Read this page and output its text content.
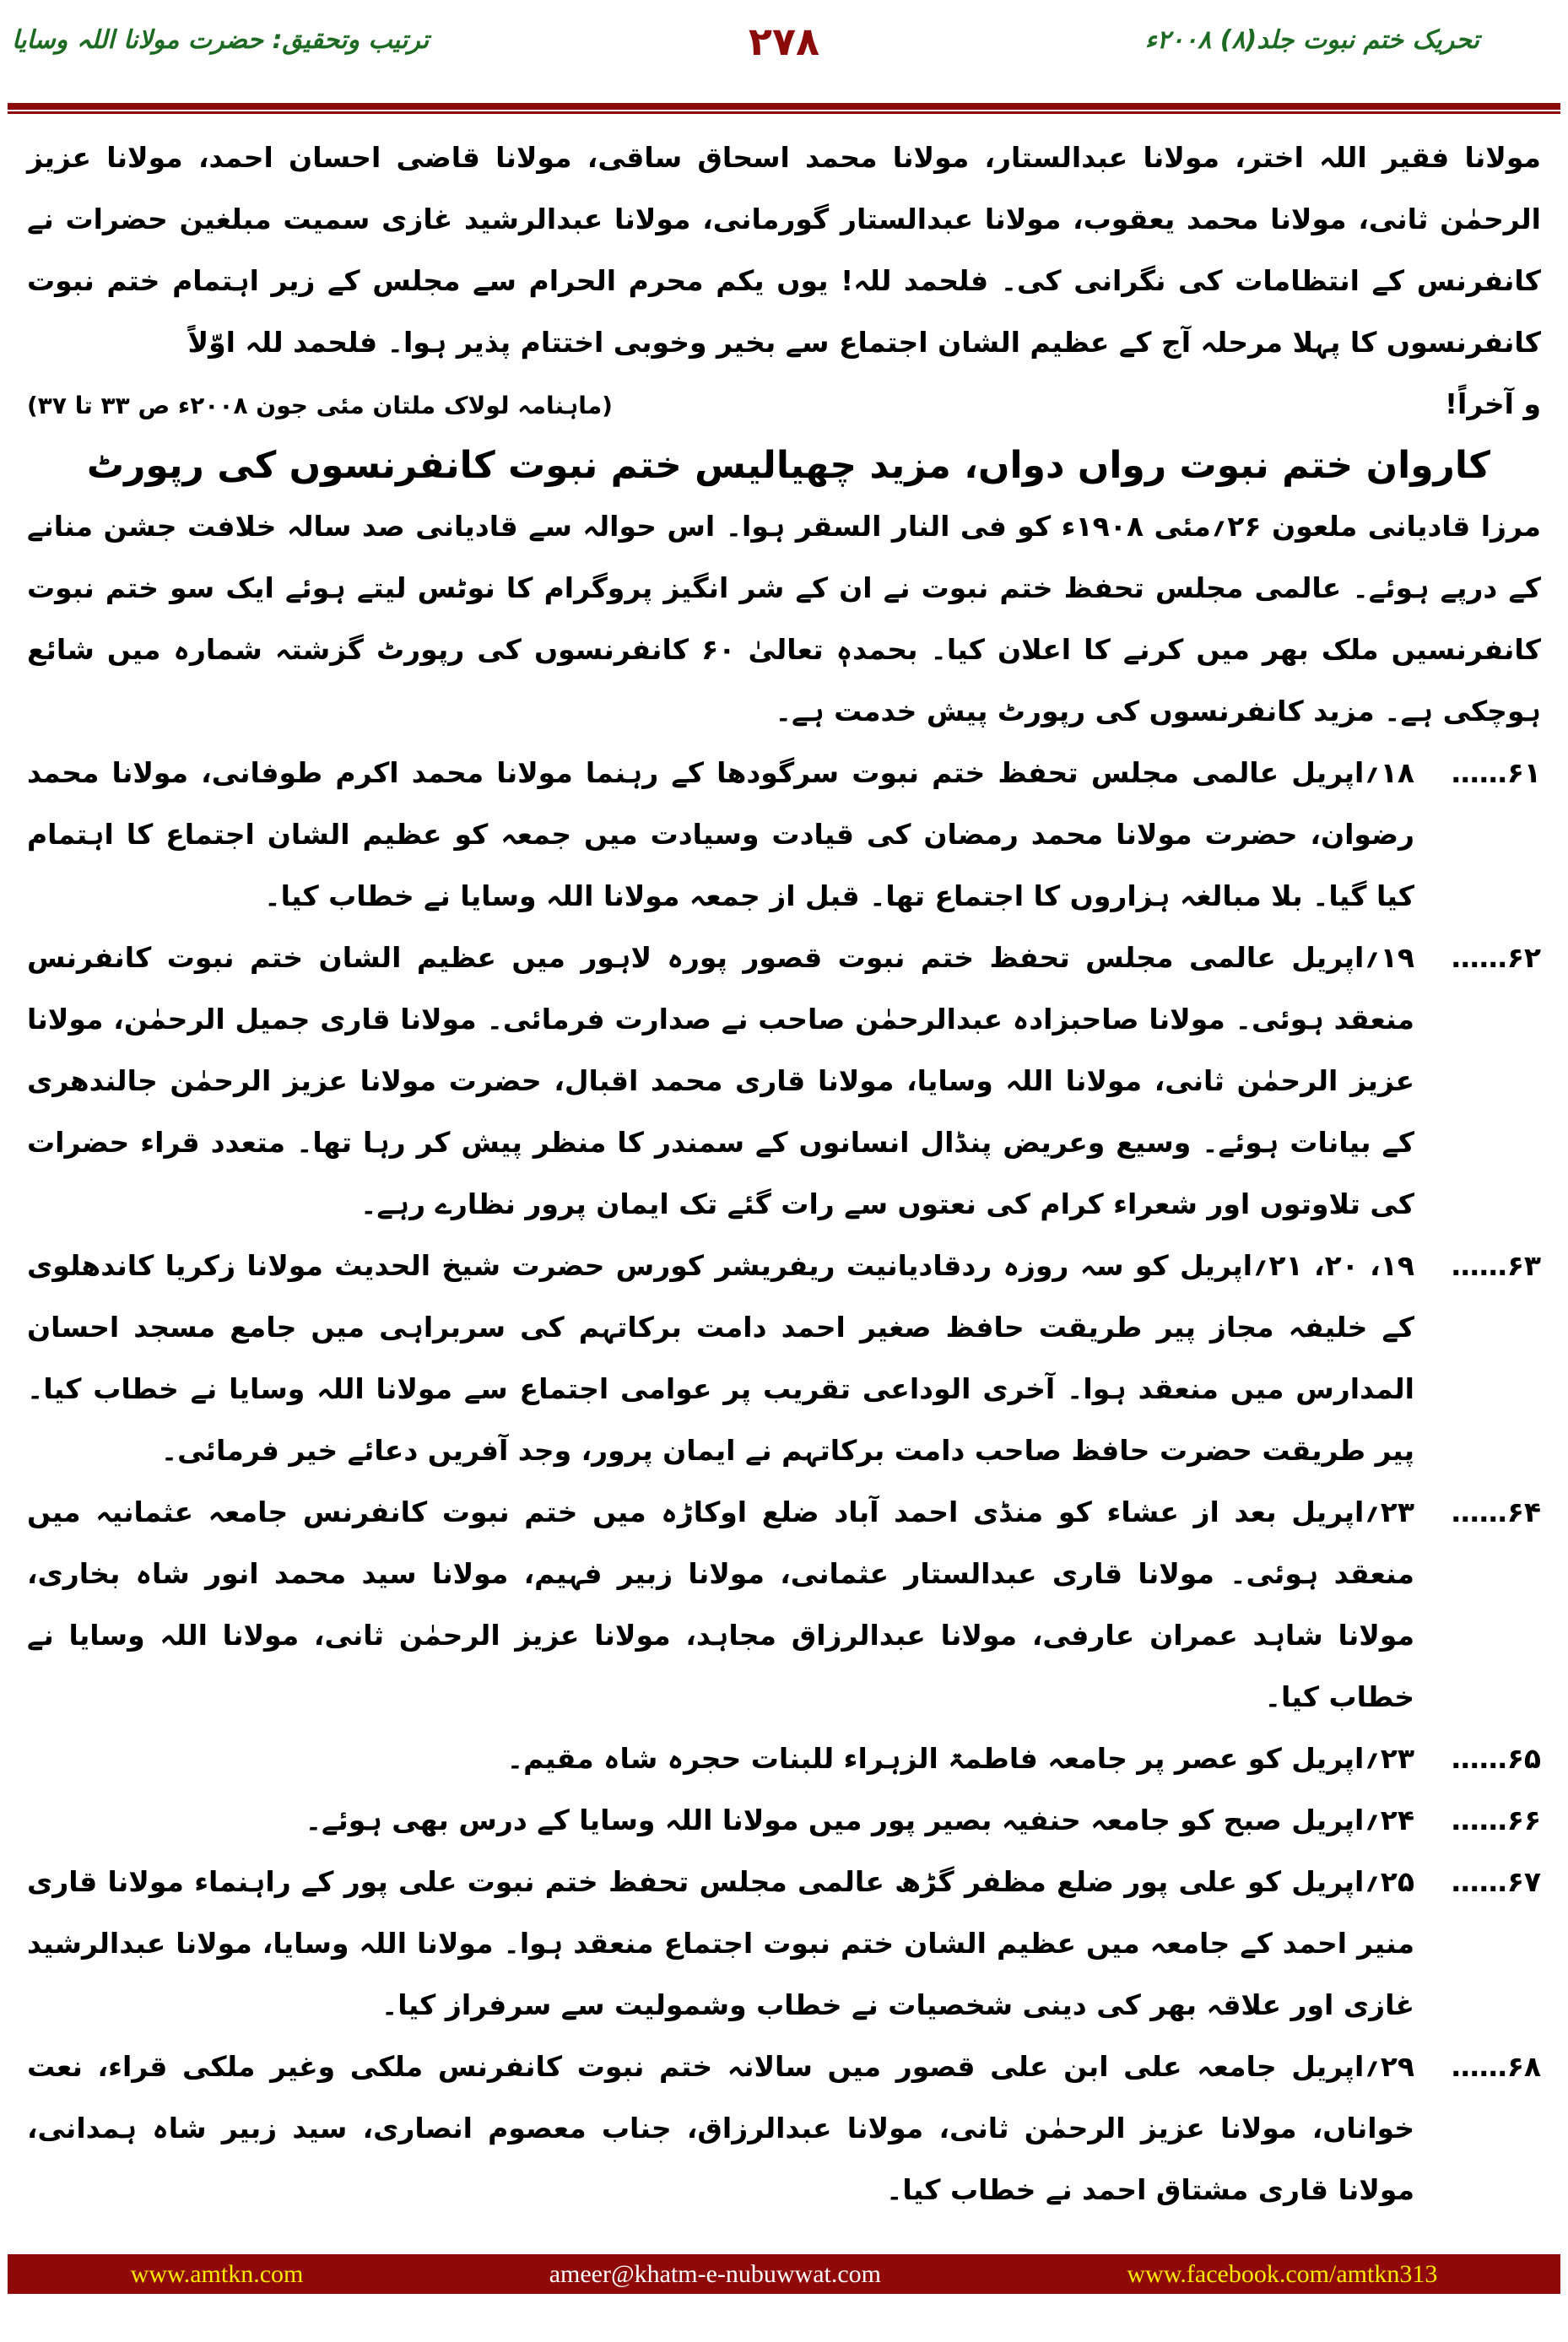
تحریک ختم نبوت جلد(۸) ۲۰۰۸ء
۲۷۸
ترتیب وتحقیق: حضرت مولانا اللہ وسایا

مولانا فقیر اللہ اختر، مولانا عبدالستار، مولانا محمد اسحاق ساقی، مولانا قاضی احسان احمد، مولانا عزیز الرحمٰن ثانی، مولانا محمد یعقوب، مولانا عبدالستار گورمانی، مولانا عبدالرشید غازی سمیت مبلغین حضرات نے کانفرنس کے انتظامات کی نگرانی کی۔ فلحمد للہ! یوں یکم محرم الحرام سے مجلس کے زیر اہتمام ختم نبوت کانفرنسوں کا پہلا مرحلہ آج کے عظیم الشان اجتماع سے بخیر وخوبی اختتام پذیر ہوا۔ فلحمد للہ اوّلاً

و آخراً!
(ماہنامہ لولاک ملتان مئی جون ۲۰۰۸ء ص ۳۳ تا ۳۷)
کاروان ختم نبوت رواں دواں، مزید چھیالیس ختم نبوت کانفرنسوں کی رپورٹ

مرزا قادیانی ملعون ۲۶؍مئی ۱۹۰۸ء کو فی النار السقر ہوا۔ اس حوالہ سے قادیانی صد سالہ خلافت جشن منانے کے درپے ہوئے۔ عالمی مجلس تحفظ ختم نبوت نے ان کے شر انگیز پروگرام کا نوٹس لیتے ہوئے ایک سو ختم نبوت کانفرنسیں ملک بھر میں کرنے کا اعلان کیا۔ بحمدہٖ تعالیٰ ۶۰ کانفرنسوں کی رپورٹ گزشتہ شمارہ میں شائع ہوچکی ہے۔ مزید کانفرنسوں کی رپورٹ پیش خدمت ہے۔

۶۱……
۱۸؍اپریل عالمی مجلس تحفظ ختم نبوت سرگودھا کے رہنما مولانا محمد اکرم طوفانی، مولانا محمد رضوان، حضرت مولانا محمد رمضان کی قیادت وسیادت میں جمعہ کو عظیم الشان اجتماع کا اہتمام کیا گیا۔ بلا مبالغہ ہزاروں کا اجتماع تھا۔ قبل از جمعہ مولانا اللہ وسایا نے خطاب کیا۔
۶۲……
۱۹؍اپریل عالمی مجلس تحفظ ختم نبوت قصور پورہ لاہور میں عظیم الشان ختم نبوت کانفرنس منعقد ہوئی۔ مولانا صاحبزادہ عبدالرحمٰن صاحب نے صدارت فرمائی۔ مولانا قاری جمیل الرحمٰن، مولانا عزیز الرحمٰن ثانی، مولانا اللہ وسایا، مولانا قاری محمد اقبال، حضرت مولانا عزیز الرحمٰن جالندھری کے بیانات ہوئے۔ وسیع وعریض پنڈال انسانوں کے سمندر کا منظر پیش کر رہا تھا۔ متعدد قراء حضرات کی تلاوتوں اور شعراء کرام کی نعتوں سے رات گئے تک ایمان پرور نظارے رہے۔
۶۳……
۱۹، ۲۰، ۲۱؍اپریل کو سہ روزہ ردقادیانیت ریفریشر کورس حضرت شیخ الحدیث مولانا زکریا کاندھلوی کے خلیفہ مجاز پیر طریقت حافظ صغیر احمد دامت برکاتہم کی سربراہی میں جامع مسجد احسان المدارس میں منعقد ہوا۔ آخری الوداعی تقریب پر عوامی اجتماع سے مولانا اللہ وسایا نے خطاب کیا۔ پیر طریقت حضرت حافظ صاحب دامت برکاتہم نے ایمان پرور، وجد آفریں دعائے خیر فرمائی۔
۶۴……
۲۳؍اپریل بعد از عشاء کو منڈی احمد آباد ضلع اوکاڑہ میں ختم نبوت کانفرنس جامعہ عثمانیہ میں منعقد ہوئی۔ مولانا قاری عبدالستار عثمانی، مولانا زبیر فہیم، مولانا سید محمد انور شاہ بخاری، مولانا شاہد عمران عارفی، مولانا عبدالرزاق مجاہد، مولانا عزیز الرحمٰن ثانی، مولانا اللہ وسایا نے خطاب کیا۔
۶۵……
۲۳؍اپریل کو عصر پر جامعہ فاطمۃ الزہراء للبنات حجرہ شاہ مقیم۔
۶۶……
۲۴؍اپریل صبح کو جامعہ حنفیہ بصیر پور میں مولانا اللہ وسایا کے درس بھی ہوئے۔
۶۷……
۲۵؍اپریل کو علی پور ضلع مظفر گڑھ عالمی مجلس تحفظ ختم نبوت علی پور کے راہنماء مولانا قاری منیر احمد کے جامعہ میں عظیم الشان ختم نبوت اجتماع منعقد ہوا۔ مولانا اللہ وسایا، مولانا عبدالرشید غازی اور علاقہ بھر کی دینی شخصیات نے خطاب وشمولیت سے سرفراز کیا۔
۶۸……
۲۹؍اپریل جامعہ علی ابن علی قصور میں سالانہ ختم نبوت کانفرنس ملکی وغیر ملکی قراء، نعت خواناں، مولانا عزیز الرحمٰن ثانی، مولانا عبدالرزاق، جناب معصوم انصاری، سید زبیر شاہ ہمدانی، مولانا قاری مشتاق احمد نے خطاب کیا۔
www.amtkn.com	ameer@khatm-e-nubuwwat.com	www.facebook.com/amtkn313
